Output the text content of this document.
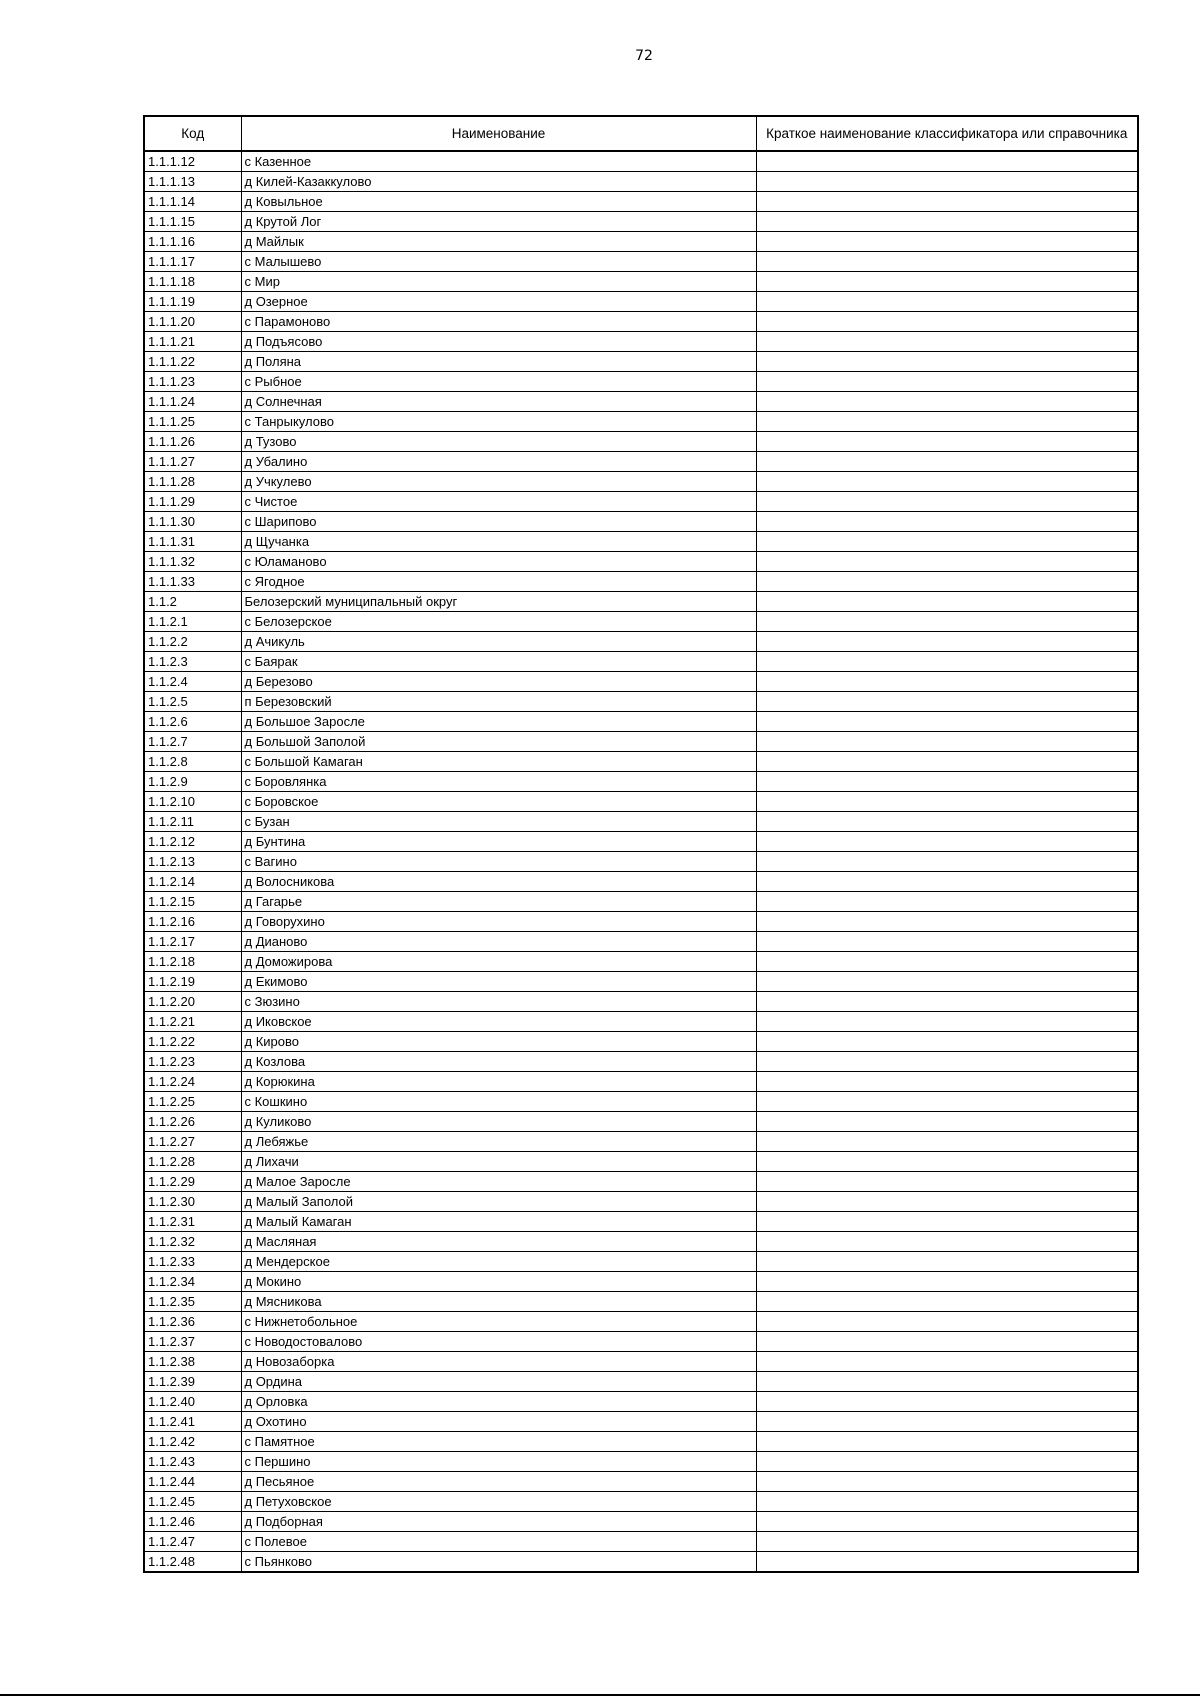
72
Код	Наименование	Краткое наименование классификатора или справочника
1.1.1.12	с Казенное	
1.1.1.13	д Килей-Казаккулово	
1.1.1.14	д Ковыльное	
1.1.1.15	д Крутой Лог	
1.1.1.16	д Майлык	
1.1.1.17	с Малышево	
1.1.1.18	с Мир	
1.1.1.19	д Озерное	
1.1.1.20	с Парамоново	
1.1.1.21	д Подъясово	
1.1.1.22	д Поляна	
1.1.1.23	с Рыбное	
1.1.1.24	д Солнечная	
1.1.1.25	с Танрыкулово	
1.1.1.26	д Тузово	
1.1.1.27	д Убалино	
1.1.1.28	д Учкулево	
1.1.1.29	с Чистое	
1.1.1.30	с Шарипово	
1.1.1.31	д Щучанка	
1.1.1.32	с Юламаново	
1.1.1.33	с Ягодное	
1.1.2	Белозерский муниципальный округ	
1.1.2.1	с Белозерское	
1.1.2.2	д Ачикуль	
1.1.2.3	с Баярак	
1.1.2.4	д Березово	
1.1.2.5	п Березовский	
1.1.2.6	д Большое Заросле	
1.1.2.7	д Большой Заполой	
1.1.2.8	с Большой Камаган	
1.1.2.9	с Боровлянка	
1.1.2.10	с Боровское	
1.1.2.11	с Бузан	
1.1.2.12	д Бунтина	
1.1.2.13	с Вагино	
1.1.2.14	д Волосникова	
1.1.2.15	д Гагарье	
1.1.2.16	д Говорухино	
1.1.2.17	д Дианово	
1.1.2.18	д Доможирова	
1.1.2.19	д Екимово	
1.1.2.20	с Зюзино	
1.1.2.21	д Иковское	
1.1.2.22	д Кирово	
1.1.2.23	д Козлова	
1.1.2.24	д Корюкина	
1.1.2.25	с Кошкино	
1.1.2.26	д Куликово	
1.1.2.27	д Лебяжье	
1.1.2.28	д Лихачи	
1.1.2.29	д Малое Заросле	
1.1.2.30	д Малый Заполой	
1.1.2.31	д Малый Камаган	
1.1.2.32	д Масляная	
1.1.2.33	д Мендерское	
1.1.2.34	д Мокино	
1.1.2.35	д Мясникова	
1.1.2.36	с Нижнетобольное	
1.1.2.37	с Новодостовалово	
1.1.2.38	д Новозаборка	
1.1.2.39	д Ордина	
1.1.2.40	д Орловка	
1.1.2.41	д Охотино	
1.1.2.42	с Памятное	
1.1.2.43	с Першино	
1.1.2.44	д Песьяное	
1.1.2.45	д Петуховское	
1.1.2.46	д Подборная	
1.1.2.47	с Полевое	
1.1.2.48	с Пьянково	
